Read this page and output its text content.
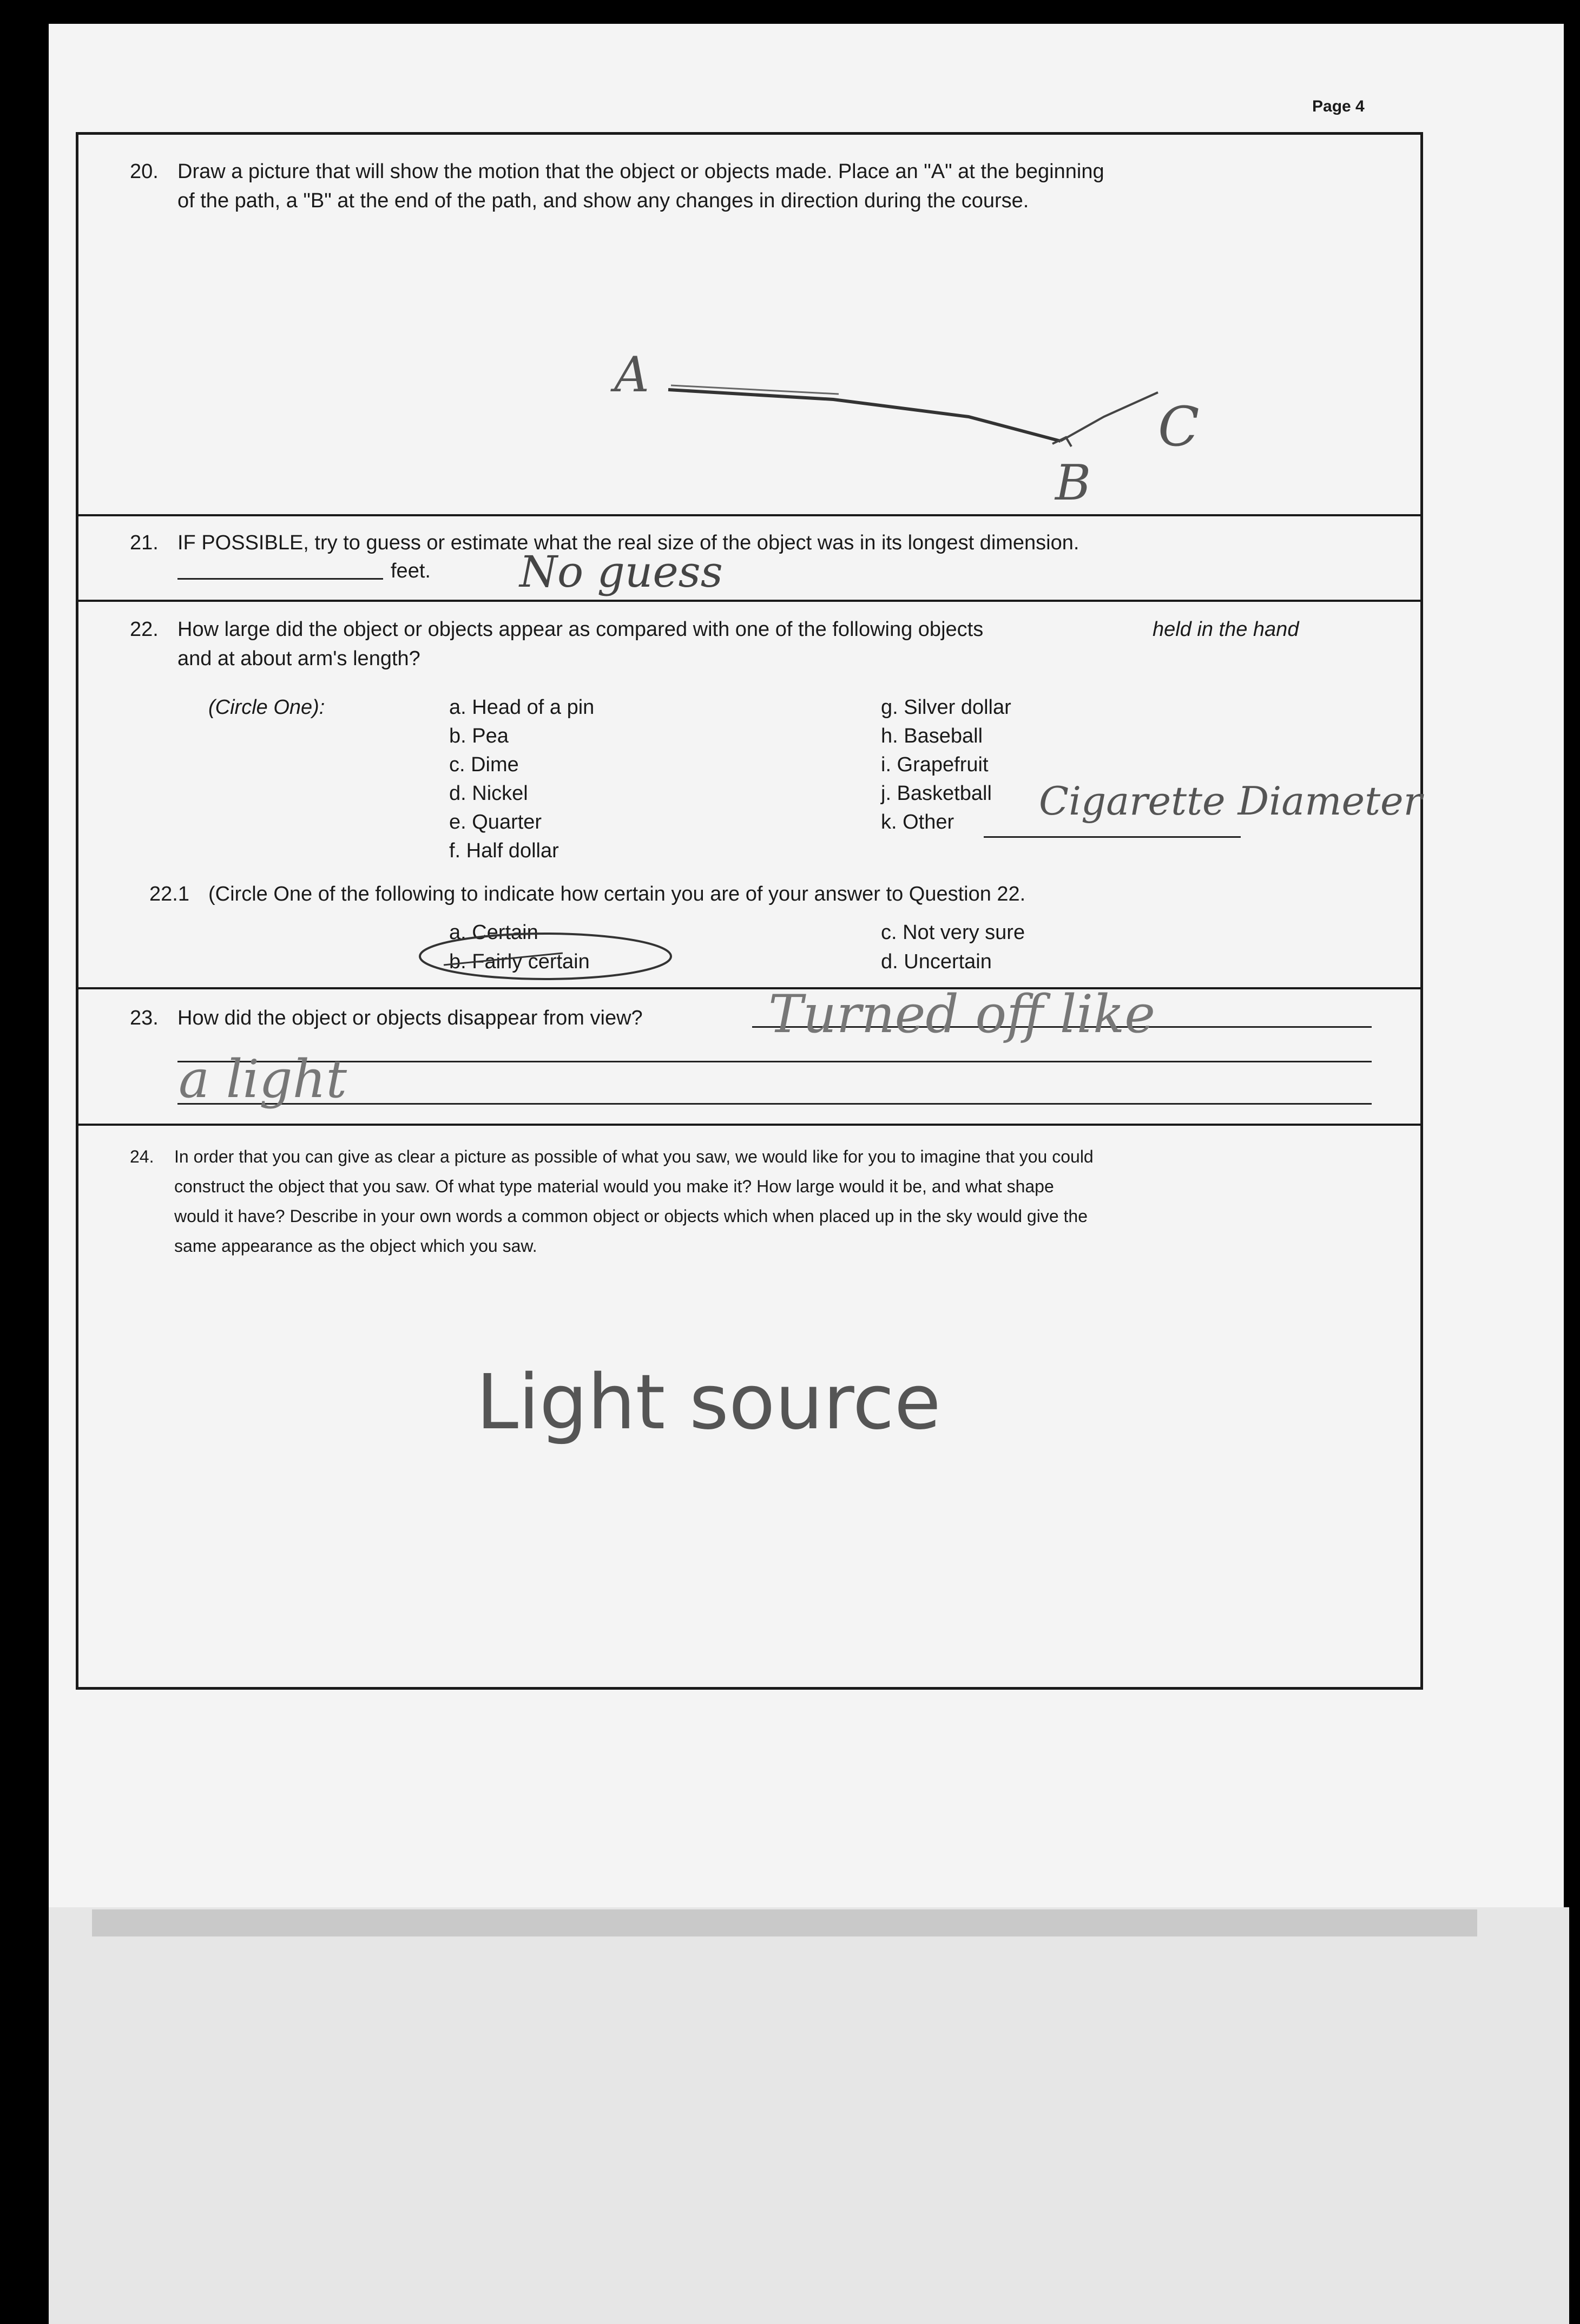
Page 4
20. Draw a picture that will show the motion that the object or objects made. Place an "A" at the beginning
of the path, a "B" at the end of the path, and show any changes in direction during the course.
A
B
C
21. IF POSSIBLE, try to guess or estimate what the real size of the object was in its longest dimension.
feet. No guess
22. How large did the object or objects appear as compared with one of the following objects	held in the hand
and at about arm's length?
(Circle One):	a. Head of a pin
b. Pea
c. Dime
d. Nickel
e. Quarter
f. Half dollar
g. Silver dollar
h. Baseball
i. Grapefruit
j. Basketball
k. Other Cigarette Diameter
22.1 (Circle One of the following to indicate how certain you are of your answer to Question 22.
a. Certain
b. Fairly certain
c. Not very sure
d. Uncertain
23. How did the object or objects disappear from view? Turned off like
a light
24. In order that you can give as clear a picture as possible of what you saw, we would like for you to imagine that you could
construct the object that you saw. Of what type material would you make it? How large would it be, and what shape
would it have? Describe in your own words a common object or objects which when placed up in the sky would give the
same appearance as the object which you saw.
Light source
